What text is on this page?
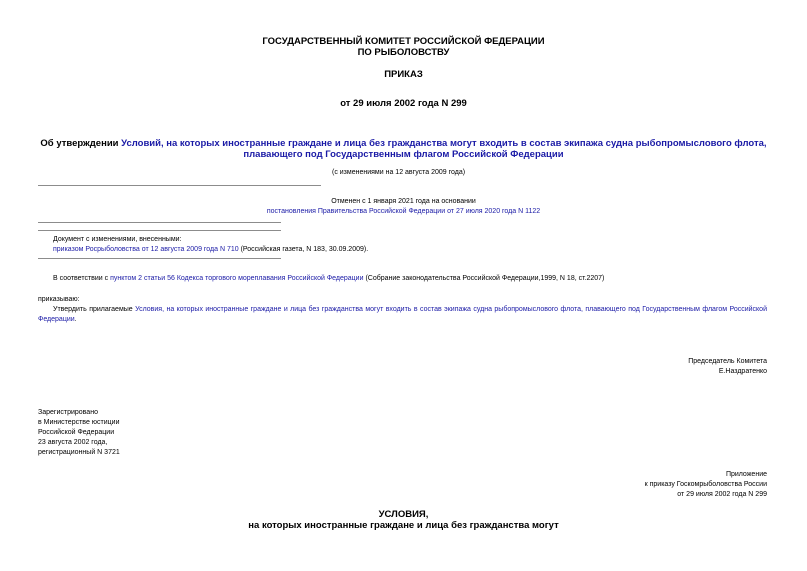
ГОСУДАРСТВЕННЫЙ КОМИТЕТ РОССИЙСКОЙ ФЕДЕРАЦИИ
ПО РЫБОЛОВСТВУ
ПРИКАЗ
от 29 июля 2002 года N 299
Об утверждении Условий, на которых иностранные граждане и лица без гражданства могут входить в состав экипажа судна рыбопромыслового флота,
плавающего под Государственным флагом Российской Федерации
(с изменениями на 12 августа 2009 года)
Отменен с 1 января 2021 года на основании
постановления Правительства Российской Федерации от 27 июля 2020 года N 1122
Документ с изменениями, внесенными:
приказом Росрыболовства от 12 августа 2009 года N 710 (Российская газета, N 183, 30.09.2009).
В соответствии с пунктом 2 статьи 56 Кодекса торгового мореплавания Российской Федерации (Собрание законодательства Российской Федерации,1999, N 18, ст.2207)
приказываю:
Утвердить прилагаемые Условия, на которых иностранные граждане и лица без гражданства могут входить в состав экипажа судна рыбопромыслового флота, плавающего под Государственным флагом Российской Федерации.
Председатель Комитета
Е.Наздратенко
Зарегистрировано
в Министерстве юстиции
Российской Федерации
23 августа 2002 года,
регистрационный N 3721
Приложение
к приказу Госкомрыболовства России
от 29 июля 2002 года N 299
УСЛОВИЯ,
на которых иностранные граждане и лица без гражданства могут
